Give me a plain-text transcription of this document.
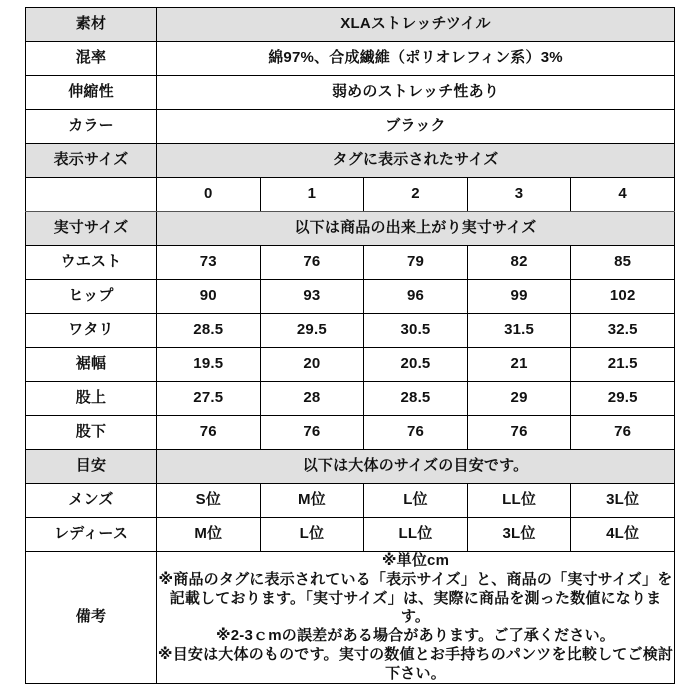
素材	XLAストレッチツイル				
混率	綿97%、合成繊維（ポリオレフィン系）3%				
伸縮性	弱めのストレッチ性あり				
カラー	ブラック				
表示サイズ	タグに表示されたサイズ				
	0	1	2	3	4
実寸サイズ	以下は商品の出来上がり実寸サイズ				
ウエスト	73	76	79	82	85
ヒップ	90	93	96	99	102
ワタリ	28.5	29.5	30.5	31.5	32.5
裾幅	19.5	20	20.5	21	21.5
股上	27.5	28	28.5	29	29.5
股下	76	76	76	76	76
目安	以下は大体のサイズの目安です。				
メンズ	S位	M位	L位	LL位	3L位
レディース	M位	L位	LL位	3L位	4L位
備考	※単位cm

※商品のタグに表示されている「表示サイズ」と、商品の「実寸サイズ」を記載しております。「実寸サイズ」は、実際に商品を測った数値になります。

※2-3ｃmの誤差がある場合があります。ご了承ください。

※目安は大体のものです。実寸の数値とお手持ちのパンツを比較してご検討下さい。				
